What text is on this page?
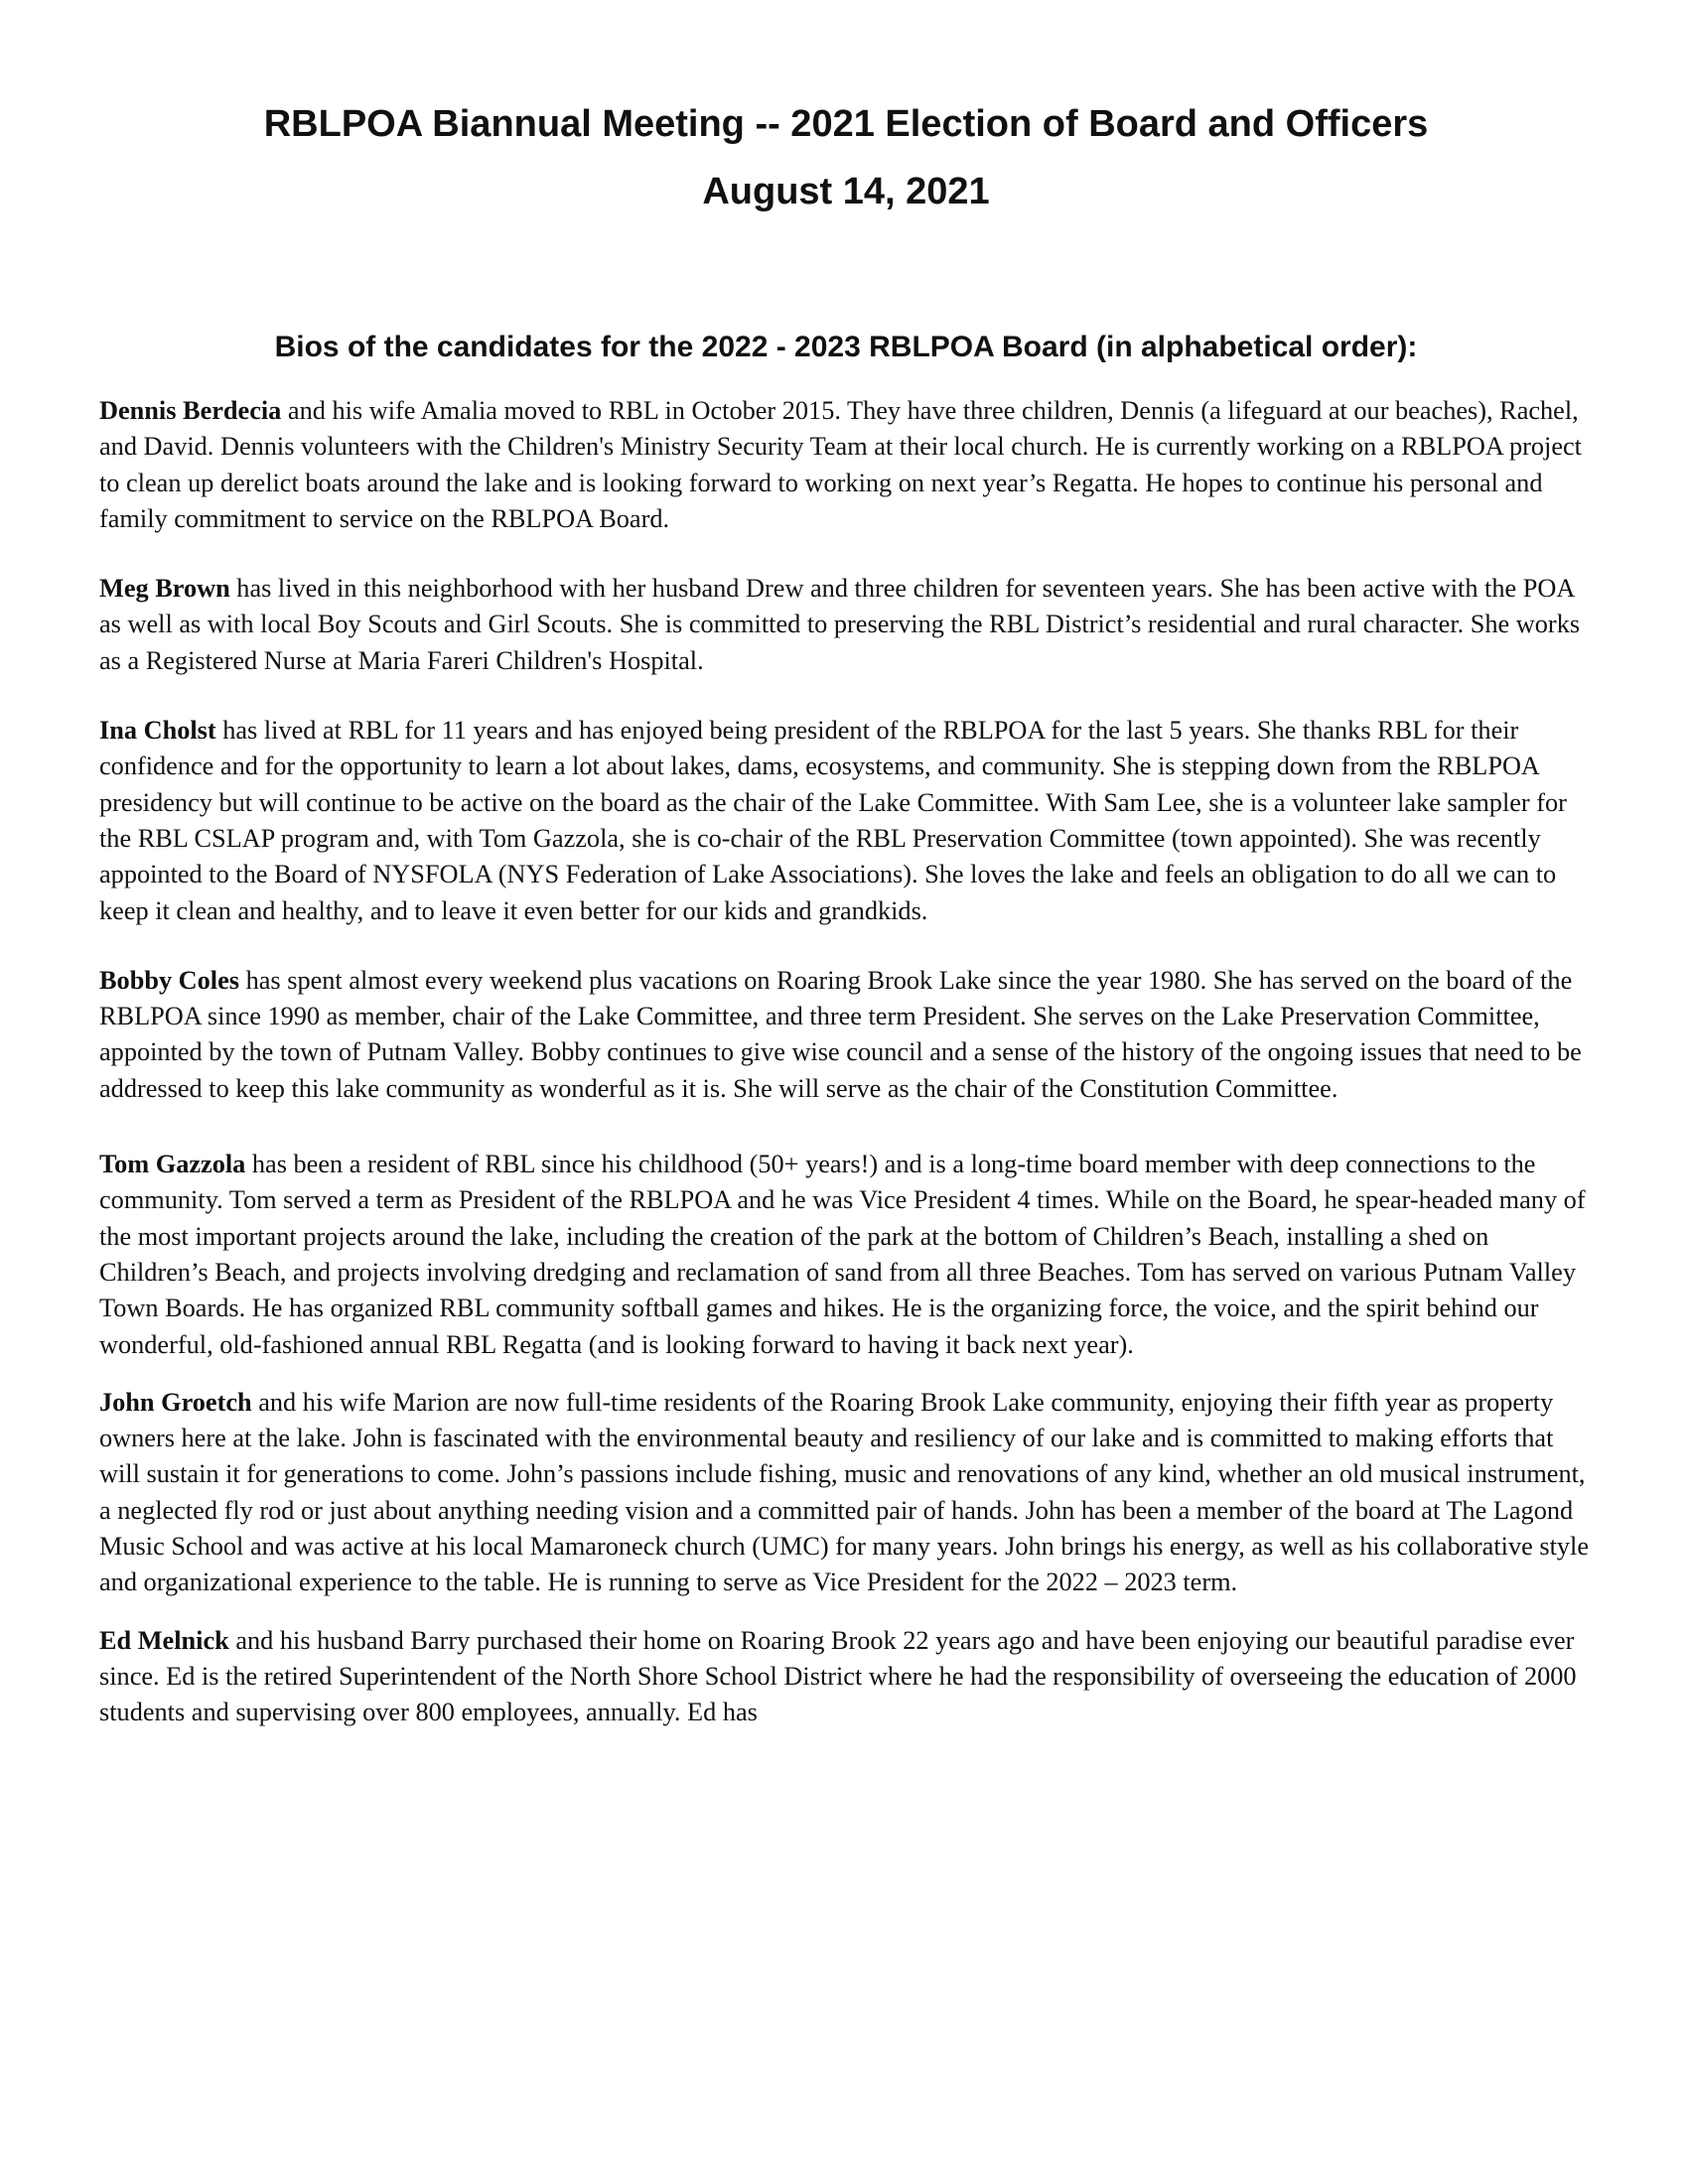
RBLPOA Biannual Meeting -- 2021 Election of Board and Officers
August 14, 2021
Bios of the candidates for the 2022 - 2023 RBLPOA Board (in alphabetical order):

Dennis Berdecia and his wife Amalia moved to RBL in October 2015. They have three children, Dennis (a lifeguard at our beaches), Rachel, and David. Dennis volunteers with the Children's Ministry Security Team at their local church. He is currently working on a RBLPOA project to clean up derelict boats around the lake and is looking forward to working on next year’s Regatta. He hopes to continue his personal and family commitment to service on the RBLPOA Board.

Meg Brown has lived in this neighborhood with her husband Drew and three children for seventeen years. She has been active with the POA as well as with local Boy Scouts and Girl Scouts. She is committed to preserving the RBL District’s residential and rural character. She works as a Registered Nurse at Maria Fareri Children's Hospital.

Ina Cholst has lived at RBL for 11 years and has enjoyed being president of the RBLPOA for the last 5 years. She thanks RBL for their confidence and for the opportunity to learn a lot about lakes, dams, ecosystems, and community. She is stepping down from the RBLPOA presidency but will continue to be active on the board as the chair of the Lake Committee. With Sam Lee, she is a volunteer lake sampler for the RBL CSLAP program and, with Tom Gazzola, she is co-chair of the RBL Preservation Committee (town appointed). She was recently appointed to the Board of NYSFOLA (NYS Federation of Lake Associations). She loves the lake and feels an obligation to do all we can to keep it clean and healthy, and to leave it even better for our kids and grandkids.

Bobby Coles has spent almost every weekend plus vacations on Roaring Brook Lake since the year 1980. She has served on the board of the RBLPOA since 1990 as member, chair of the Lake Committee, and three term President. She serves on the Lake Preservation Committee, appointed by the town of Putnam Valley. Bobby continues to give wise council and a sense of the history of the ongoing issues that need to be addressed to keep this lake community as wonderful as it is. She will serve as the chair of the Constitution Committee.

Tom Gazzola has been a resident of RBL since his childhood (50+ years!) and is a long-time board member with deep connections to the community. Tom served a term as President of the RBLPOA and he was Vice President 4 times. While on the Board, he spear-headed many of the most important projects around the lake, including the creation of the park at the bottom of Children’s Beach, installing a shed on Children’s Beach, and projects involving dredging and reclamation of sand from all three Beaches. Tom has served on various Putnam Valley Town Boards. He has organized RBL community softball games and hikes. He is the organizing force, the voice, and the spirit behind our wonderful, old-fashioned annual RBL Regatta (and is looking forward to having it back next year).

John Groetch and his wife Marion are now full-time residents of the Roaring Brook Lake community, enjoying their fifth year as property owners here at the lake. John is fascinated with the environmental beauty and resiliency of our lake and is committed to making efforts that will sustain it for generations to come. John’s passions include fishing, music and renovations of any kind, whether an old musical instrument, a neglected fly rod or just about anything needing vision and a committed pair of hands. John has been a member of the board at The Lagond Music School and was active at his local Mamaroneck church (UMC) for many years. John brings his energy, as well as his collaborative style and organizational experience to the table. He is running to serve as Vice President for the 2022 – 2023 term.

Ed Melnick and his husband Barry purchased their home on Roaring Brook 22 years ago and have been enjoying our beautiful paradise ever since. Ed is the retired Superintendent of the North Shore School District where he had the responsibility of overseeing the education of 2000 students and supervising over 800 employees, annually. Ed has
